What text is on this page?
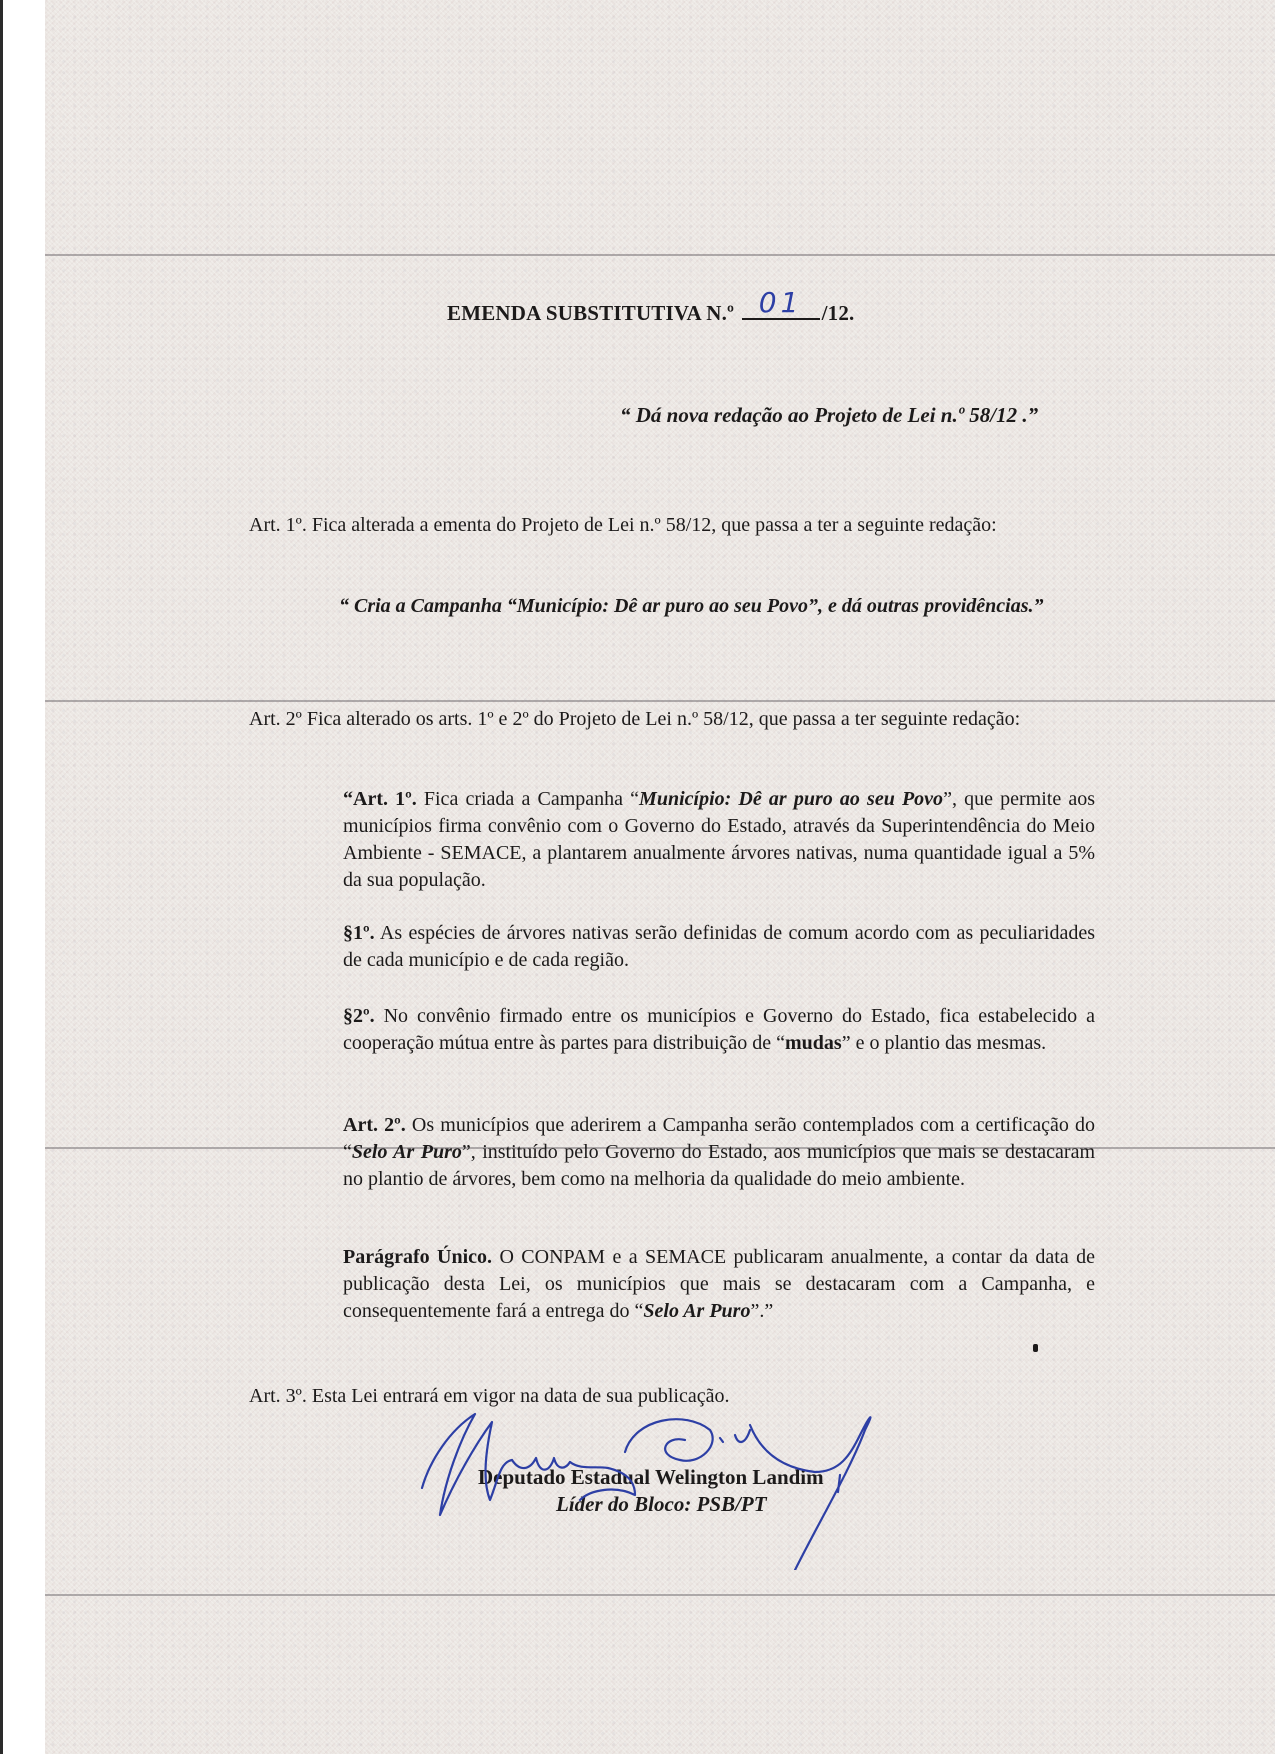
EMENDA SUBSTITUTIVA N.º 01 /12.
“ Dá nova redação ao Projeto de Lei n.º 58/12 .”
Art. 1º. Fica alterada a ementa do Projeto de Lei n.º 58/12, que passa a ter a seguinte redação:
“ Cria a Campanha “Município: Dê ar puro ao seu Povo”, e dá outras providências.”
Art. 2º Fica alterado os arts. 1º e 2º do Projeto de Lei n.º 58/12, que passa a ter seguinte redação:
“Art. 1º. Fica criada a Campanha “Município: Dê ar puro ao seu Povo”, que permite aos municípios firma convênio com o Governo do Estado, através da Superintendência do Meio Ambiente - SEMACE, a plantarem anualmente árvores nativas, numa quantidade igual a 5% da sua população.
§1º. As espécies de árvores nativas serão definidas de comum acordo com as peculiaridades de cada município e de cada região.
§2º. No convênio firmado entre os municípios e Governo do Estado, fica estabelecido a cooperação mútua entre às partes para distribuição de “mudas” e o plantio das mesmas.
Art. 2º. Os municípios que aderirem a Campanha serão contemplados com a certificação do “Selo Ar Puro”, instituído pelo Governo do Estado, aos municípios que mais se destacaram no plantio de árvores, bem como na melhoria da qualidade do meio ambiente.
Parágrafo Único. O CONPAM e a SEMACE publicaram anualmente, a contar da data de publicação desta Lei, os municípios que mais se destacaram com a Campanha, e consequentemente fará a entrega do “Selo Ar Puro”.”
Art. 3º. Esta Lei entrará em vigor na data de sua publicação.
Deputado Estadual Welington Landim
Líder do Bloco: PSB/PT
